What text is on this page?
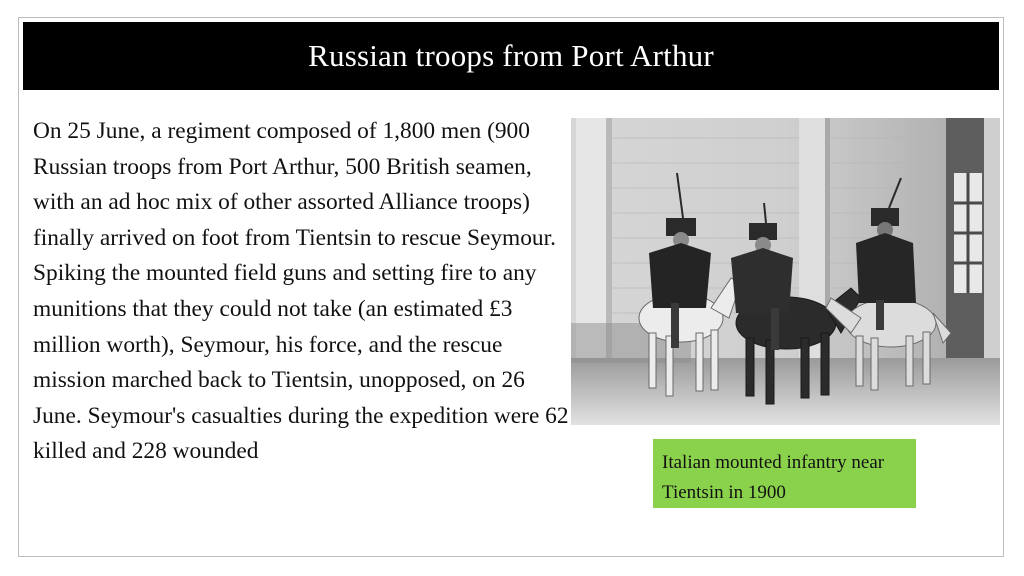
Russian troops from Port Arthur
On 25 June, a regiment composed of 1,800 men (900 Russian troops from Port Arthur, 500 British seamen, with an ad hoc mix of other assorted Alliance troops) finally arrived on foot from Tientsin to rescue Seymour. Spiking the mounted field guns and setting fire to any munitions that they could not take (an estimated £3 million worth), Seymour, his force, and the rescue mission marched back to Tientsin, unopposed, on 26 June. Seymour's casualties during the expedition were 62 killed and 228 wounded	Italian mounted infantry near Tientsin in 1900
